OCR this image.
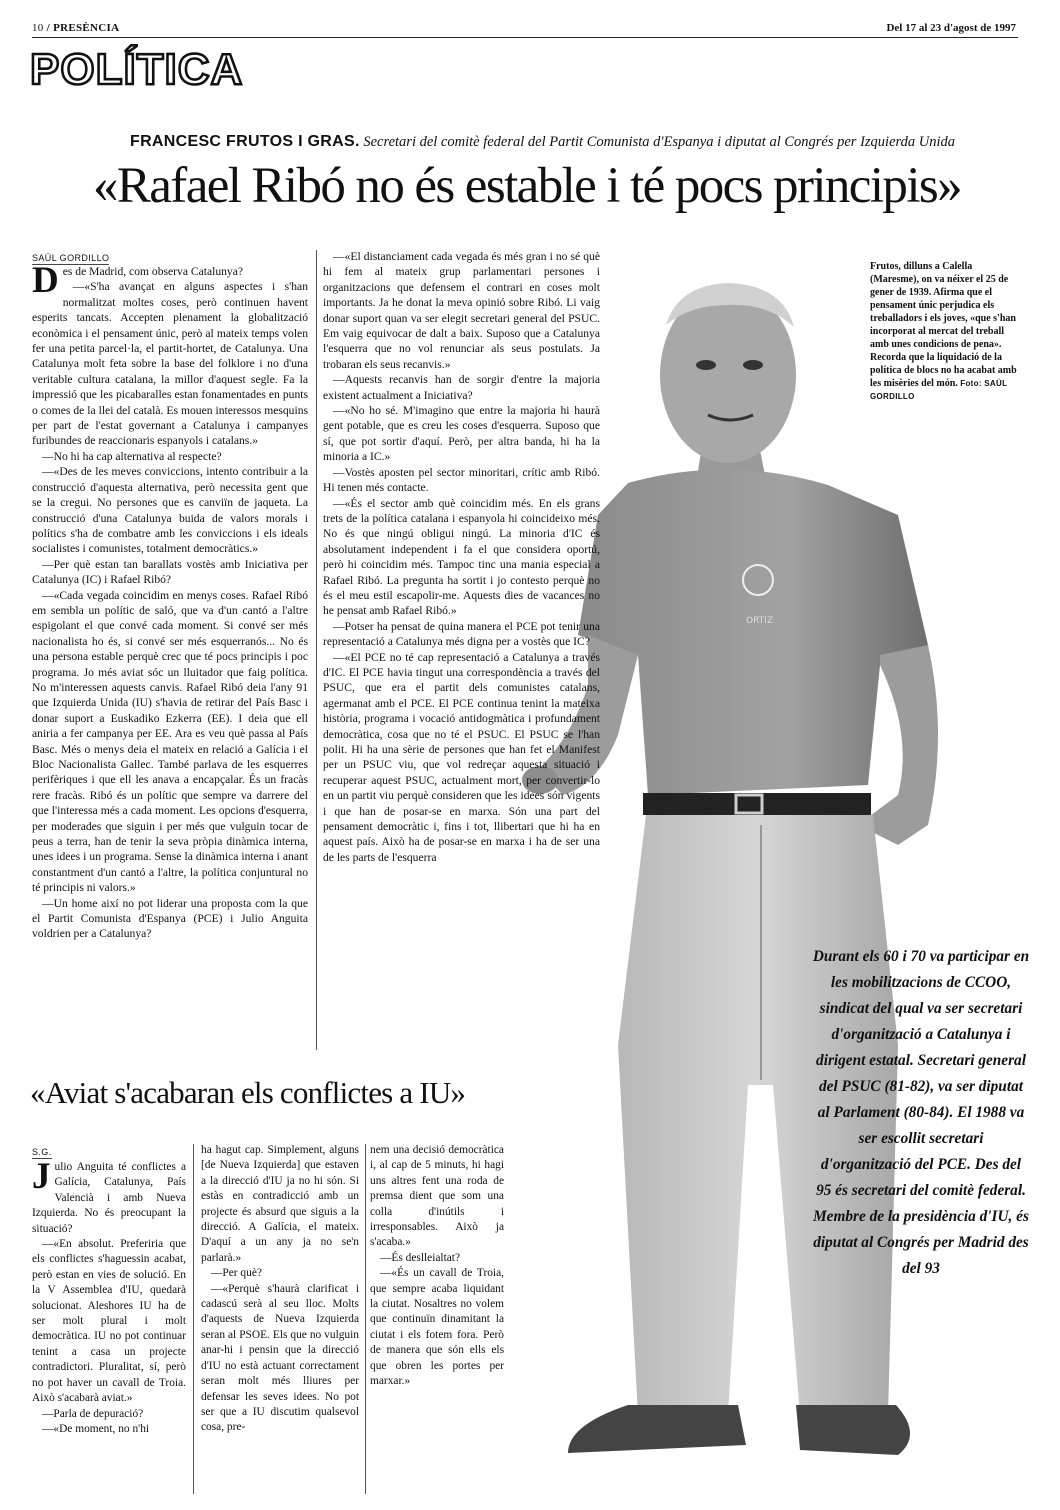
10 / PRESÈNCIA	Del 17 al 23 d'agost de 1997
POLÍTICA
FRANCESC FRUTOS I GRAS. Secretari del comitè federal del Partit Comunista d'Espanya i diputat al Congrés per Izquierda Unida
«Rafael Ribó no és estable i té pocs principis»
SAÜL GORDILLO
D es de Madrid, com observa Catalunya?

—«S'ha avançat en alguns aspectes i s'han normalitzat moltes coses, però continuen havent esperits tancats. Accepten plenament la globalització econòmica i el pensament únic, però al mateix temps volen fer una petita parcel·la, el partit-hortet, de Catalunya. Una Catalunya molt feta sobre la base del folklore i no d'una veritable cultura catalana, la millor d'aquest segle. Fa la impressió que les picabaralles estan fonamentades en punts o comes de la llei del català. Es mouen interessos mesquins per part de l'estat governant a Catalunya i campanyes furibundes de reaccionaris espanyols i catalans.»

—No hi ha cap alternativa al respecte?

—«Des de les meves conviccions, intento contribuir a la construcció d'aquesta alternativa, però necessita gent que se la cregui. No persones que es canviïn de jaqueta. La construcció d'una Catalunya buida de valors morals i polítics s'ha de combatre amb les conviccions i els ideals socialistes i comunistes, totalment democràtics.»

—Per què estan tan barallats vostès amb Iniciativa per Catalunya (IC) i Rafael Ribó?

—«Cada vegada coincidim en menys coses. Rafael Ribó em sembla un polític de saló, que va d'un cantó a l'altre espigolant el que convé cada moment. Si convé ser més nacionalista ho és, si convé ser més esquerranós... No és una persona estable perquè crec que té pocs principis i poc programa. Jo més aviat sóc un lluitador que faig política. No m'interessen aquests canvis. Rafael Ribó deia l'any 91 que Izquierda Unida (IU) s'havia de retirar del País Basc i donar suport a Euskadiko Ezkerra (EE). I deia que ell aniria a fer campanya per EE. Ara es veu què passa al País Basc. Més o menys deia el mateix en relació a Galícia i el Bloc Nacionalista Gallec. També parlava de les esquerres perifèriques i que ell les anava a encapçalar. És un fracàs rere fracàs. Ribó és un polític que sempre va darrere del que l'interessa més a cada moment. Les opcions d'esquerra, per moderades que siguin i per més que vulguin tocar de peus a terra, han de tenir la seva pròpia dinàmica interna, unes idees i un programa. Sense la dinàmica interna i anant constantment d'un cantó a l'altre, la política conjuntural no té principis ni valors.»

—Un home així no pot liderar una proposta com la que el Partit Comunista d'Espanya (PCE) i Julio Anguita voldrien per a Catalunya?

ORTIZ

—«El distanciament cada vegada és més gran i no sé què hi fem al mateix grup parlamentari persones i organitzacions que defensem el contrari en coses molt importants. Ja he donat la meva opinió sobre Ribó. Li vaig donar suport quan va ser elegit secretari general del PSUC. Em vaig equivocar de dalt a baix. Suposo que a Catalunya l'esquerra que no vol renunciar als seus postulats. Ja trobaran els seus recanvis.»

—Aquests recanvis han de sorgir d'entre la majoria existent actualment a Iniciativa?

—«No ho sé. M'imagino que entre la majoria hi haurà gent potable, que es creu les coses d'esquerra. Suposo que sí, que pot sortir d'aquí. Però, per altra banda, hi ha la minoria a IC.»

—Vostès aposten pel sector minoritari, crític amb Ribó. Hi tenen més contacte.

—«És el sector amb què coincidim més. En els grans trets de la política catalana i espanyola hi coincideixo més. No és que ningú obligui ningú. La minoria d'IC és absolutament independent i fa el que considera oportú, però hi coincidim més. Tampoc tinc una mania especial a Rafael Ribó. La pregunta ha sortit i jo contesto perquè no és el meu estil escapolir-me. Aquests dies de vacances no he pensat amb Rafael Ribó.»

—Potser ha pensat de quina manera el PCE pot tenir una representació a Catalunya més digna per a vostès que IC?

—«El PCE no té cap representació a Catalunya a través d'IC. El PCE havia tingut una correspondència a través del PSUC, que era el partit dels comunistes catalans, agermanat amb el PCE. El PCE continua tenint la mateixa història, programa i vocació antidogmàtica i profundament democràtica, cosa que no té el PSUC. El PSUC se l'han polit. Hi ha una sèrie de persones que han fet el Manifest per un PSUC viu, que vol redreçar aquesta situació i recuperar aquest PSUC, actualment mort, per convertir-lo en un partit viu perquè consideren que les idees són vigents i que han de posar-se en marxa. Són una part del pensament democràtic i, fins i tot, llibertari que hi ha en aquest país. Això ha de posar-se en marxa i ha de ser una de les parts de l'esquerra

Frutos, dilluns a Calella (Maresme), on va néixer el 25 de gener de 1939. Afirma que el pensament únic perjudica els treballadors i els joves, «que s'han incorporat al mercat del treball amb unes condicions de pena». Recorda que la liquidació de la política de blocs no ha acabat amb les misèries del món. Foto: SAÜL GORDILLO
Durant els 60 i 70 va participar en les mobilitzacions de CCOO, sindicat del qual va ser secretari d'organització a Catalunya i dirigent estatal. Secretari general del PSUC (81-82), va ser diputat al Parlament (80-84). El 1988 va ser escollit secretari d'organització del PCE. Des del 95 és secretari del comitè federal. Membre de la presidència d'IU, és diputat al Congrés per Madrid des del 93
«Aviat s'acabaran els conflictes a IU»
S.G.
J ulio Anguita té conflictes a Galícia, Catalunya, País Valencià i amb Nueva Izquierda. No és preocupant la situació?

—«En absolut. Preferiria que els conflictes s'haguessin acabat, però estan en vies de solució. En la V Assemblea d'IU, quedarà solucionat. Aleshores IU ha de ser molt plural i molt democràtica. IU no pot continuar tenint a casa un projecte contradictori. Pluralitat, sí, però no pot haver un cavall de Troia. Això s'acabarà aviat.»

—Parla de depuració?

—«De moment, no n'hi

ha hagut cap. Simplement, alguns [de Nueva Izquierda] que estaven a la direcció d'IU ja no hi són. Si estàs en contradicció amb un projecte és absurd que siguis a la direcció. A Galícia, el mateix. D'aquí a un any ja no se'n parlarà.»

—Per què?

—«Perquè s'haurà clarificat i cadascú serà al seu lloc. Molts d'aquests de Nueva Izquierda seran al PSOE. Els que no vulguin anar-hi i pensin que la direcció d'IU no està actuant correctament seran molt més lliures per defensar les seves idees. No pot ser que a IU discutim qualsevol cosa, pre-

nem una decisió democràtica i, al cap de 5 minuts, hi hagi uns altres fent una roda de premsa dient que som una colla d'inútils i irresponsables. Això ja s'acaba.»

—És deslleialtat?

—«És un cavall de Troia, que sempre acaba liquidant la ciutat. Nosaltres no volem que continuïn dinamitant la ciutat i els fotem fora. Però de manera que són ells els que obren les portes per marxar.»
